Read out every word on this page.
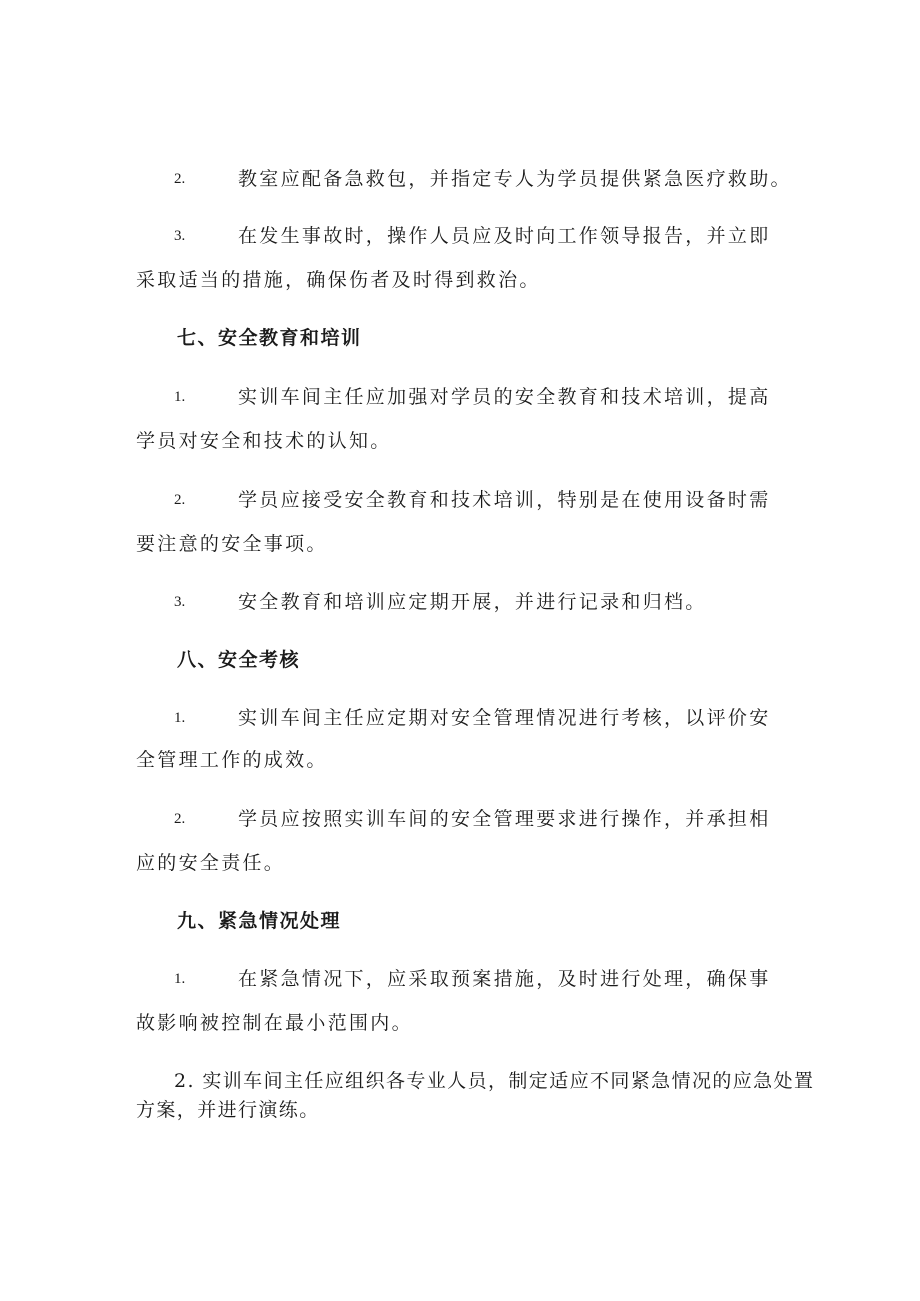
2.	教室应配备急救包，并指定专人为学员提供紧急医疗救助。
3.	在发生事故时，操作人员应及时向工作领导报告，并立即
采取适当的措施，确保伤者及时得到救治。
七、安全教育和培训
1.	实训车间主任应加强对学员的安全教育和技术培训，提高
学员对安全和技术的认知。
2.	学员应接受安全教育和技术培训，特别是在使用设备时需
要注意的安全事项。
3.	安全教育和培训应定期开展，并进行记录和归档。
八、安全考核
1.	实训车间主任应定期对安全管理情况进行考核，以评价安
全管理工作的成效。
2.	学员应按照实训车间的安全管理要求进行操作，并承担相
应的安全责任。
九、紧急情况处理
1.	在紧急情况下，应采取预案措施，及时进行处理，确保事
故影响被控制在最小范围内。
2. 实训车间主任应组织各专业人员，制定适应不同紧急情况的应急处置
方案，并进行演练。
